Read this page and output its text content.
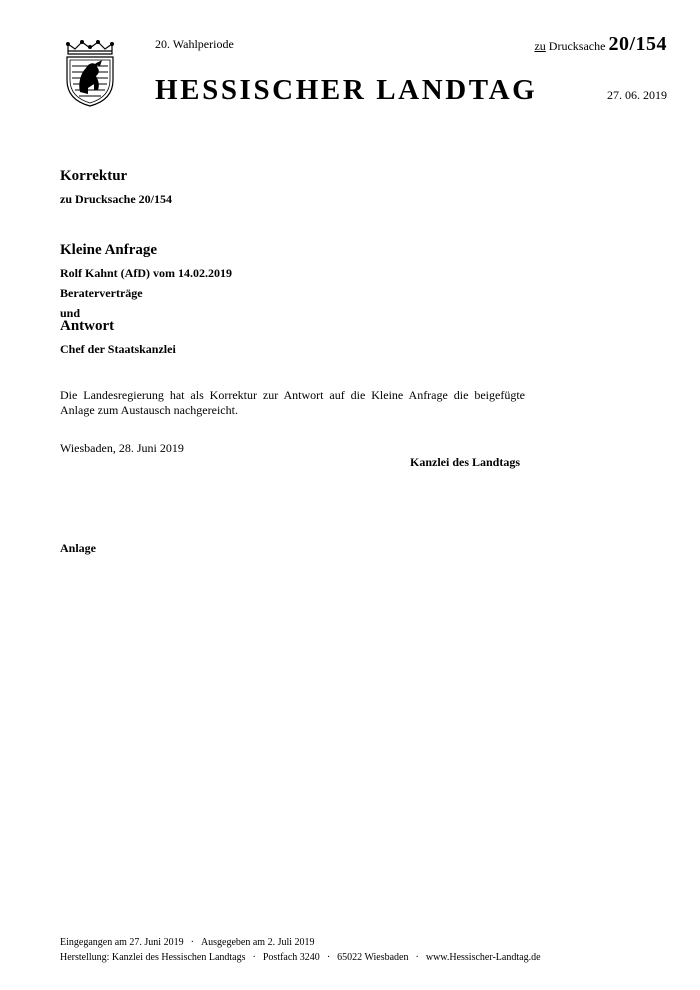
20. Wahlperiode	zu Drucksache 20/154
HESSISCHER LANDTAG	27. 06. 2019
Korrektur
zu Drucksache 20/154
Kleine Anfrage
Rolf Kahnt (AfD) vom 14.02.2019
Beraterverträge
und
Antwort
Chef der Staatskanzlei
Die Landesregierung hat als Korrektur zur Antwort auf die Kleine Anfrage die beigefügte Anlage zum Austausch nachgereicht.
Wiesbaden, 28. Juni 2019
Kanzlei des Landtags
Anlage
Eingegangen am 27. Juni 2019 · Ausgegeben am 2. Juli 2019
Herstellung: Kanzlei des Hessischen Landtags · Postfach 3240 · 65022 Wiesbaden · www.Hessischer-Landtag.de
